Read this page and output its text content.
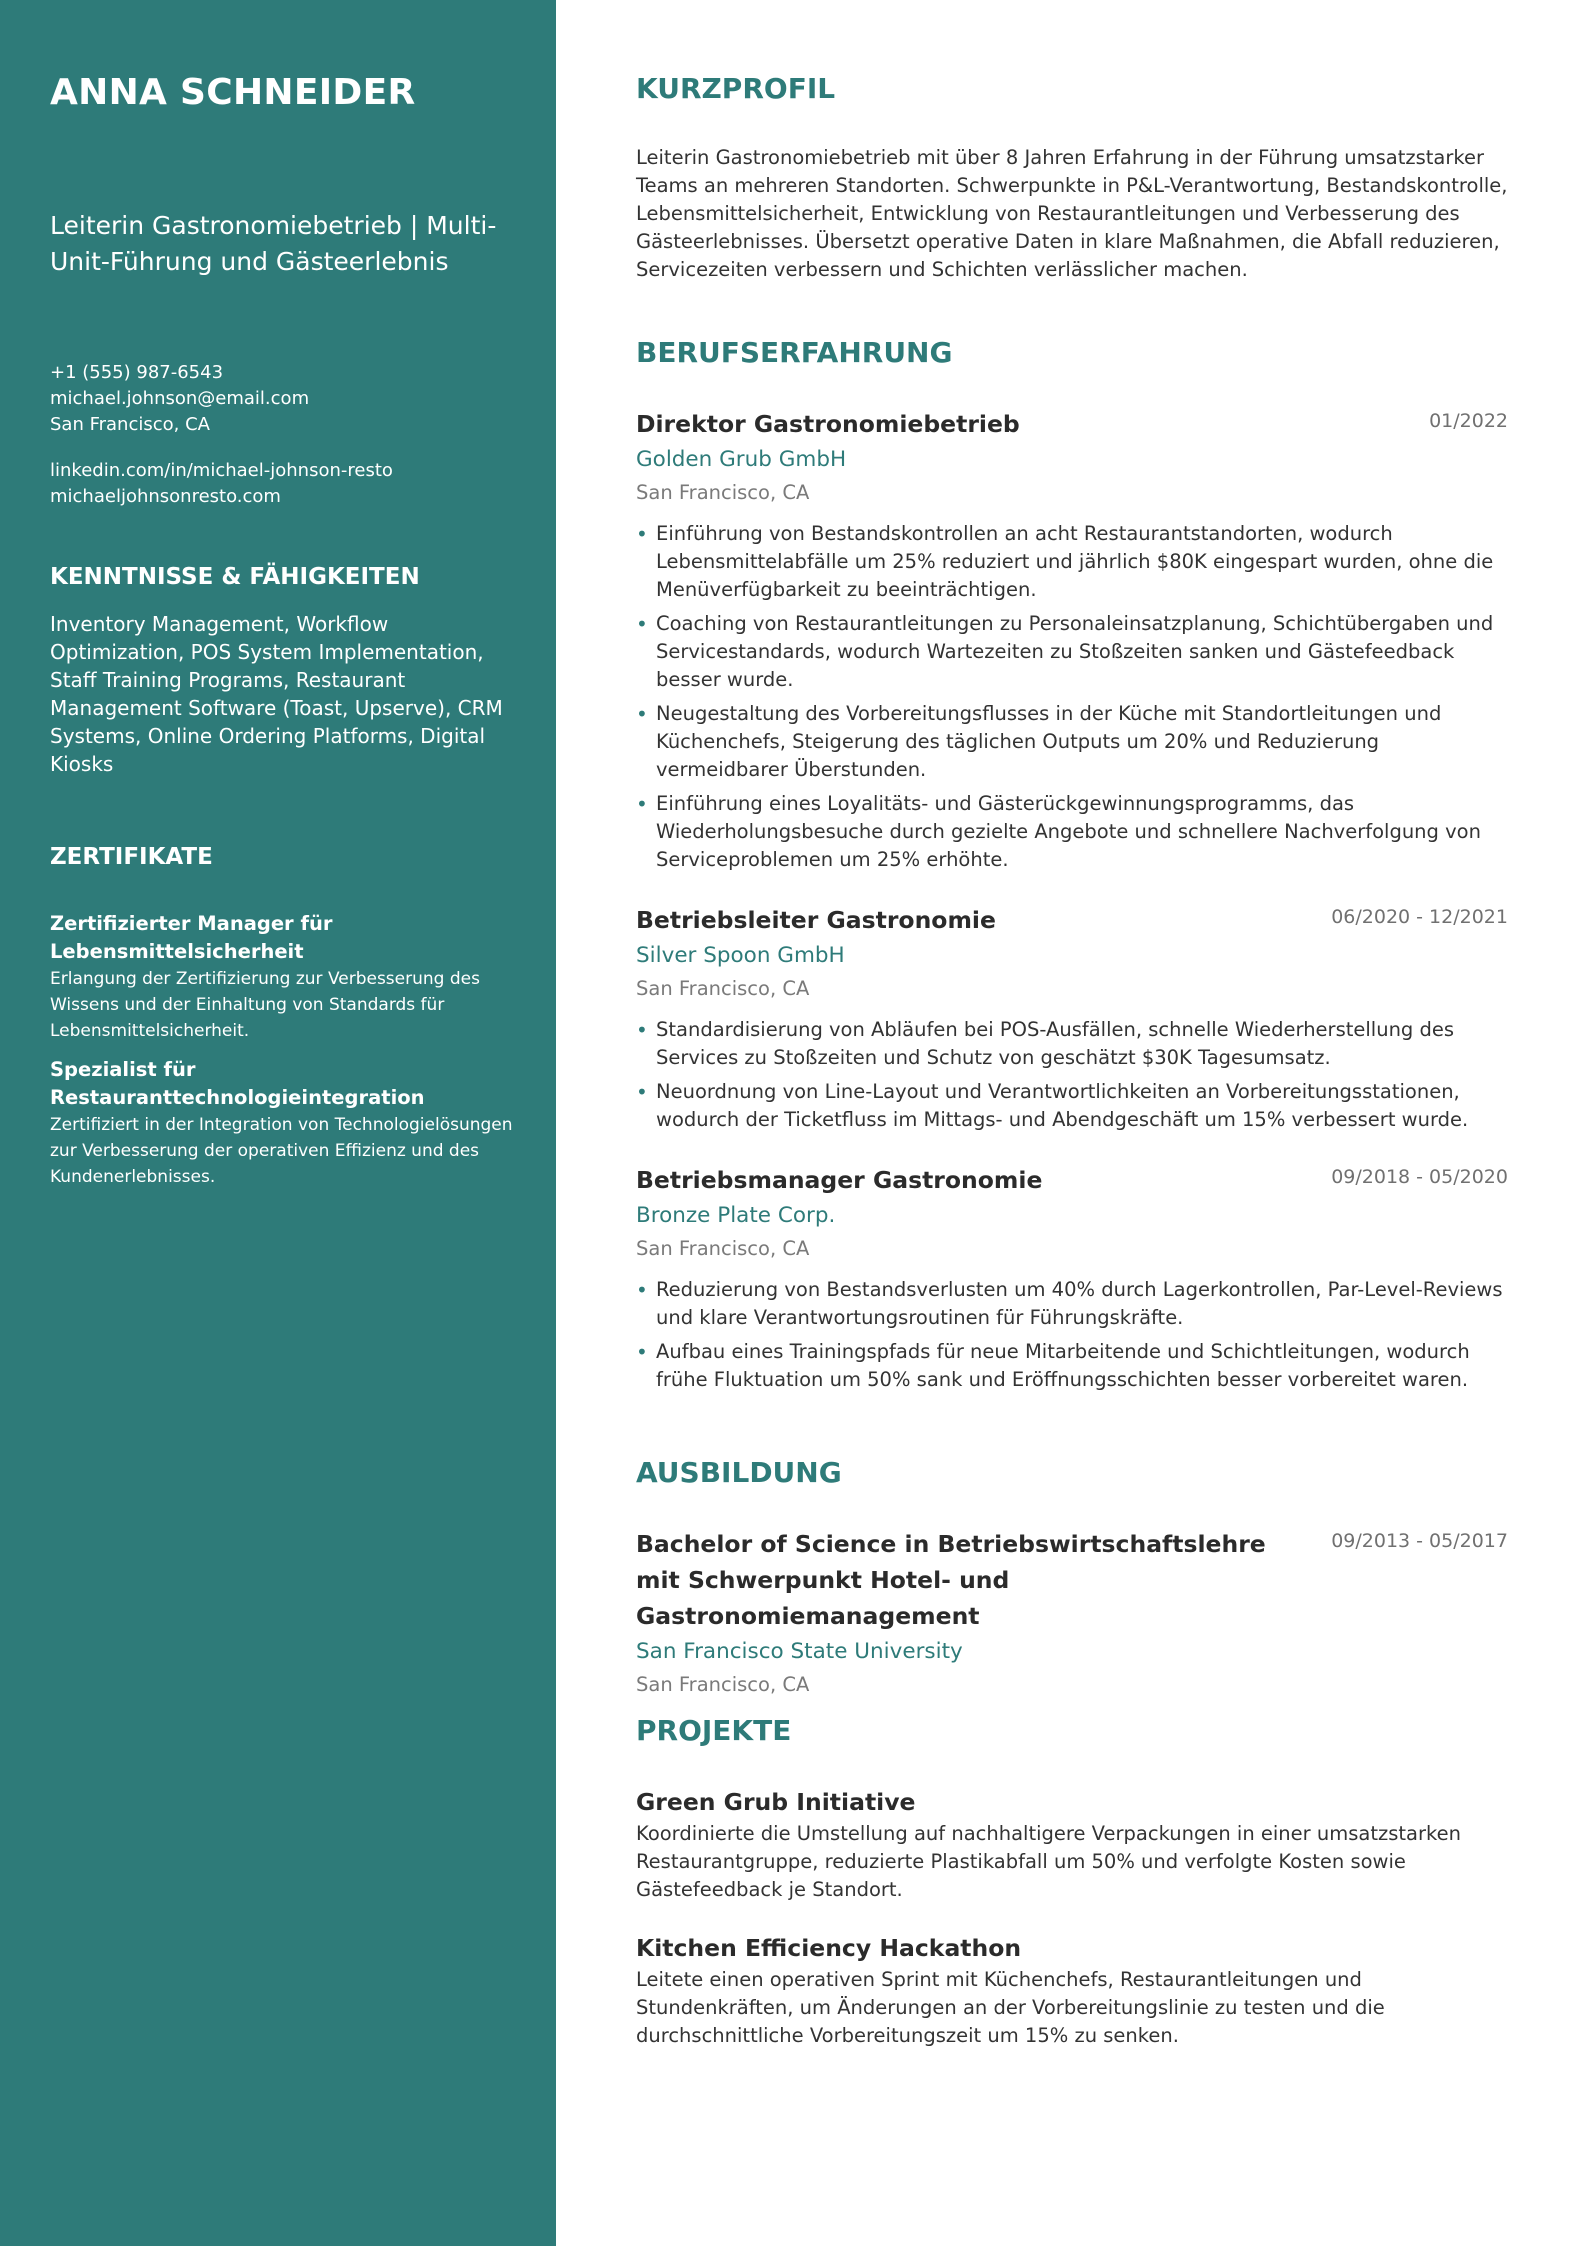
ANNA SCHNEIDER
Leiterin Gastronomiebetrieb | Multi-Unit-Führung und Gästeerlebnis
+1 (555) 987-6543
michael.johnson@email.com
San Francisco, CA
linkedin.com/in/michael-johnson-resto
michaeljohnsonresto.com
KENNTNISSE & FÄHIGKEITEN
Inventory Management, Workflow Optimization, POS System Implementation, Staff Training Programs, Restaurant Management Software (Toast, Upserve), CRM Systems, Online Ordering Platforms, Digital Kiosks
ZERTIFIKATE

Zertifizierter Manager für Lebensmittelsicherheit

Erlangung der Zertifizierung zur Verbesserung des Wissens und der Einhaltung von Standards für Lebensmittelsicherheit.

Spezialist für Restauranttechnologieintegration

Zertifiziert in der Integration von Technologielösungen zur Verbesserung der operativen Effizienz und des Kundenerlebnisses.

KURZPROFIL

Leiterin Gastronomiebetrieb mit über 8 Jahren Erfahrung in der Führung umsatzstarker Teams an mehreren Standorten. Schwerpunkte in P&L-Verantwortung, Bestandskontrolle, Lebensmittelsicherheit, Entwicklung von Restaurantleitungen und Verbesserung des Gästeerlebnisses. Übersetzt operative Daten in klare Maßnahmen, die Abfall reduzieren, Servicezeiten verbessern und Schichten verlässlicher machen.

BERUFSERFAHRUNG

Direktor Gastronomiebetrieb	01/2022
Golden Grub GmbH
San Francisco, CA
• Einführung von Bestandskontrollen an acht Restaurantstandorten, wodurch Lebensmittelabfälle um 25% reduziert und jährlich $80K eingespart wurden, ohne die Menüverfügbarkeit zu beeinträchtigen.
• Coaching von Restaurantleitungen zu Personaleinsatzplanung, Schichtübergaben und Servicestandards, wodurch Wartezeiten zu Stoßzeiten sanken und Gästefeedback besser wurde.
• Neugestaltung des Vorbereitungsflusses in der Küche mit Standortleitungen und Küchenchefs, Steigerung des täglichen Outputs um 20% und Reduzierung vermeidbarer Überstunden.
• Einführung eines Loyalitäts- und Gästerückgewinnungsprogramms, das Wiederholungsbesuche durch gezielte Angebote und schnellere Nachverfolgung von Serviceproblemen um 25% erhöhte.

Betriebsleiter Gastronomie	06/2020 - 12/2021
Silver Spoon GmbH
San Francisco, CA
• Standardisierung von Abläufen bei POS-Ausfällen, schnelle Wiederherstellung des Services zu Stoßzeiten und Schutz von geschätzt $30K Tagesumsatz.
• Neuordnung von Line-Layout und Verantwortlichkeiten an Vorbereitungsstationen, wodurch der Ticketfluss im Mittags- und Abendgeschäft um 15% verbessert wurde.

Betriebsmanager Gastronomie	09/2018 - 05/2020
Bronze Plate Corp.
San Francisco, CA
• Reduzierung von Bestandsverlusten um 40% durch Lagerkontrollen, Par-Level-Reviews und klare Verantwortungsroutinen für Führungskräfte.
• Aufbau eines Trainingspfads für neue Mitarbeitende und Schichtleitungen, wodurch frühe Fluktuation um 50% sank und Eröffnungsschichten besser vorbereitet waren.
AUSBILDUNG

Bachelor of Science in Betriebswirtschaftslehre mit Schwerpunkt Hotel- und Gastronomiemanagement

09/2013 - 05/2017
San Francisco State University
San Francisco, CA
PROJEKTE

Green Grub Initiative

Koordinierte die Umstellung auf nachhaltigere Verpackungen in einer umsatzstarken Restaurantgruppe, reduzierte Plastikabfall um 50% und verfolgte Kosten sowie Gästefeedback je Standort.

Kitchen Efficiency Hackathon

Leitete einen operativen Sprint mit Küchenchefs, Restaurantleitungen und Stundenkräften, um Änderungen an der Vorbereitungslinie zu testen und die durchschnittliche Vorbereitungszeit um 15% zu senken.
